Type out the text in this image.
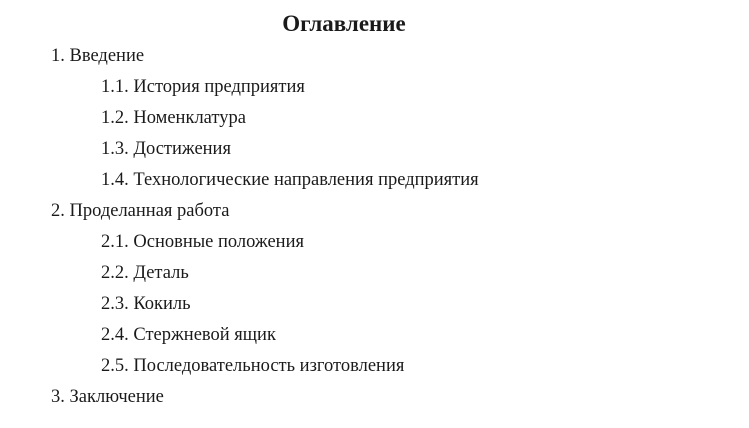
Оглавление
1. Введение
1.1. История предприятия
1.2. Номенклатура
1.3. Достижения
1.4. Технологические направления предприятия
2. Проделанная работа
2.1. Основные положения
2.2. Деталь
2.3. Кокиль
2.4. Стержневой ящик
2.5. Последовательность изготовления
3. Заключение
